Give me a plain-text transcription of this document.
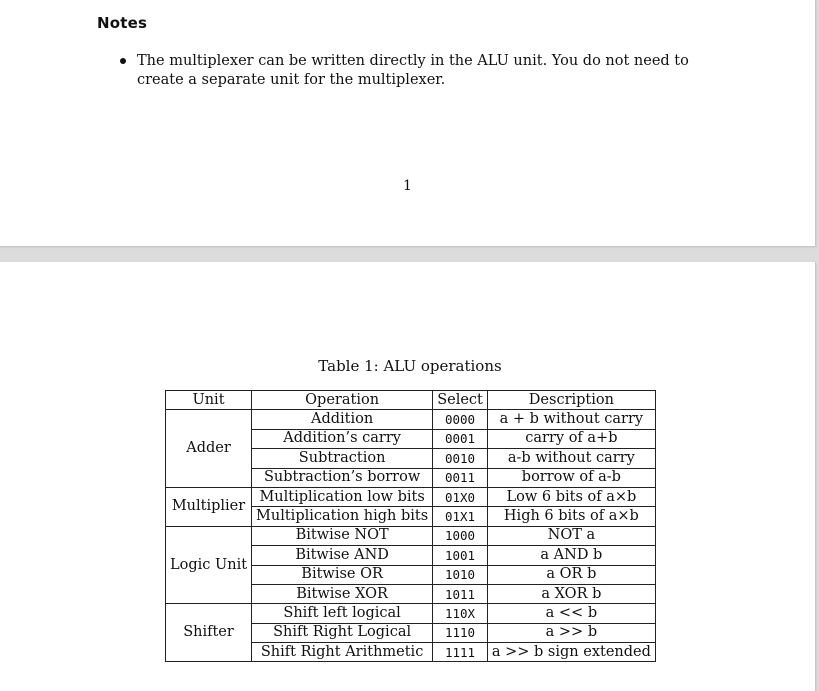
Notes
The multiplexer can be written directly in the ALU unit. You do not need to create a separate unit for the multiplexer.
1
Table 1: ALU operations
Unit	Operation	Select	Description
Adder	Addition	0000	a + b without carry
	Addition’s carry	0001	carry of a+b
	Subtraction	0010	a-b without carry
	Subtraction’s borrow	0011	borrow of a-b
Multiplier	Multiplication low bits	01X0	Low 6 bits of a×b
	Multiplication high bits	01X1	High 6 bits of a×b
Logic Unit	Bitwise NOT	1000	NOT a
	Bitwise AND	1001	a AND b
	Bitwise OR	1010	a OR b
	Bitwise XOR	1011	a XOR b
Shifter	Shift left logical	110X	a << b
	Shift Right Logical	1110	a >> b
	Shift Right Arithmetic	1111	a >> b sign extended
